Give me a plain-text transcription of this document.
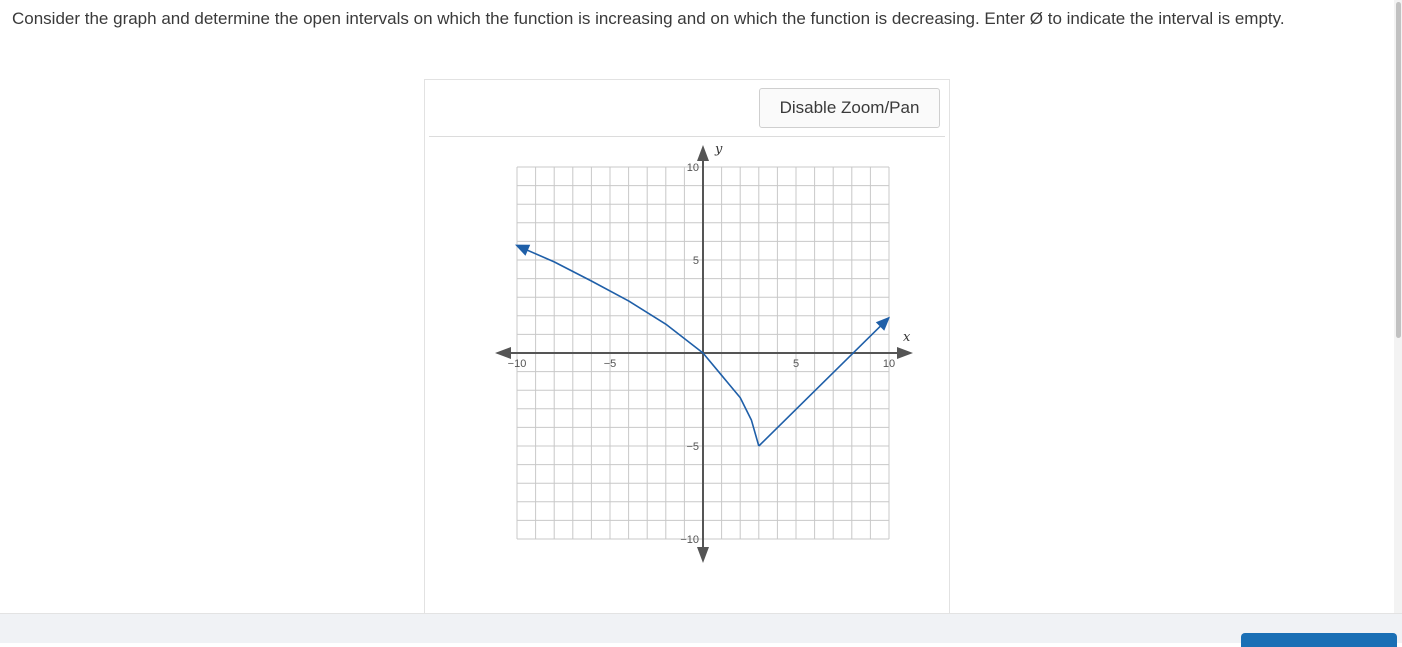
Consider the graph and determine the open intervals on which the function is increasing and on which the function is decreasing. Enter Ø to indicate the interval is empty.
Disable Zoom/Pan
x
y
−10	−5	5	10
10
5
−5
−10
